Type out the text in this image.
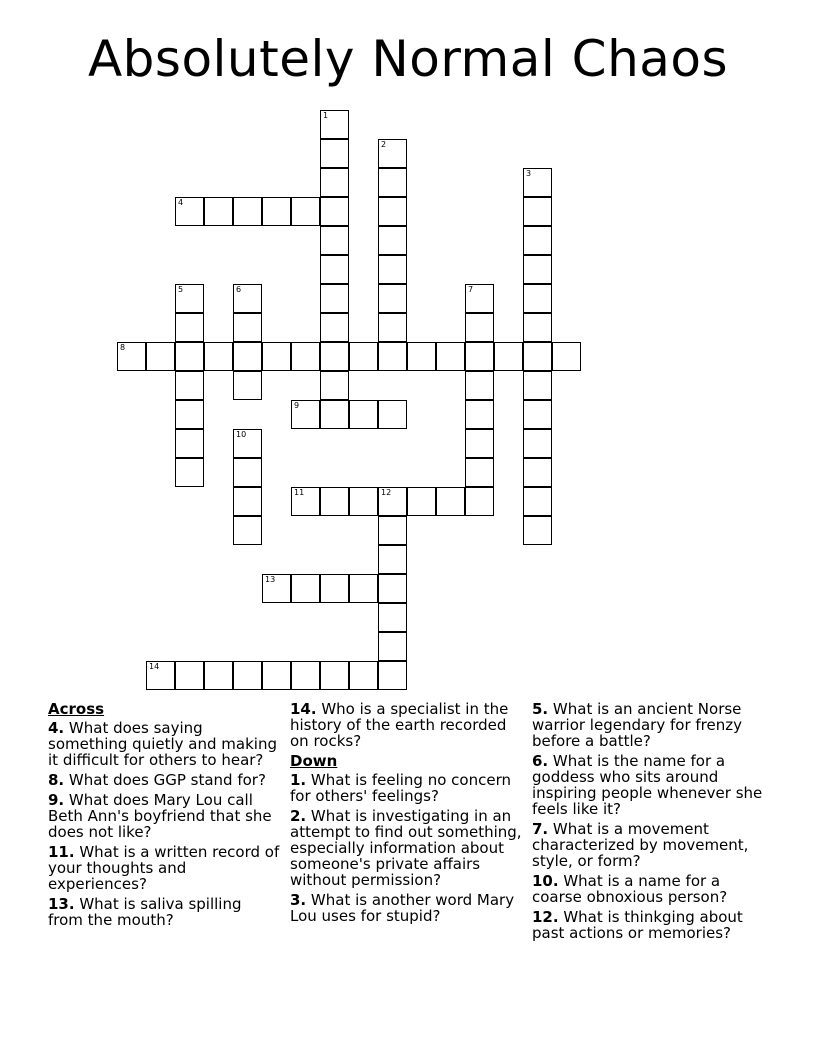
Absolutely Normal Chaos
1
2
3
4
5	6	7
8
9
10
11	12
13
14
Across
4. What does saying something quietly and making it difficult for others to hear?
8. What does GGP stand for?
9. What does Mary Lou call Beth Ann's boyfriend that she does not like?
11. What is a written record of your thoughts and experiences?
13. What is saliva spilling from the mouth?
14. Who is a specialist in the history of the earth recorded on rocks?
Down
1. What is feeling no concern for others' feelings?
2. What is investigating in an attempt to find out something, especially information about someone's private affairs without permission?
3. What is another word Mary Lou uses for stupid?
5. What is an ancient Norse warrior legendary for frenzy before a battle?
6. What is the name for a goddess who sits around inspiring people whenever she feels like it?
7. What is a movement characterized by movement, style, or form?
10. What is a name for a coarse obnoxious person?
12. What is thinkging about past actions or memories?
